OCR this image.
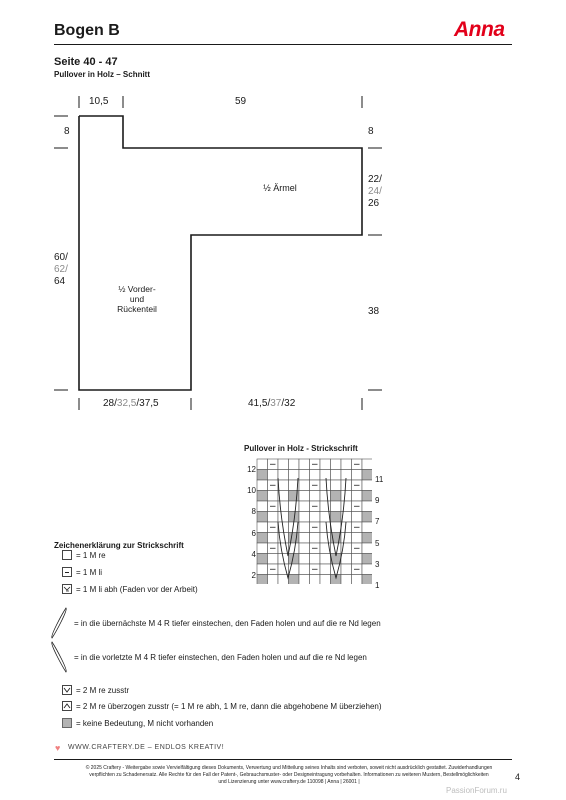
Bogen B	Anna
Seite 40 - 47
Pullover in Holz – Schnitt
10,5	59
8	8
22/
24/
26
60/
62/
64
38
28/32,5/37,5	41,5/37/32
½ Ärmel
½ Vorder-
und
Rückenteil
Pullover in Holz - Strickschrift
12
10
8
6
4
2
11
9
7
5
3
1
Zeichenerklärung zur Strickschrift
= 1 M re
= 1 M li
= 1 M li abh (Faden vor der Arbeit)
= in die übernächste M 4 R tiefer einstechen, den Faden holen und auf die re Nd legen
= in die vorletzte M 4 R tiefer einstechen, den Faden holen und auf die re Nd legen
= 2 M re zusstr
= 2 M re überzogen zusstr (= 1 M re abh, 1 M re, dann die abgehobene M überziehen)
= keine Bedeutung, M nicht vorhanden
♥ WWW.CRAFTERY.DE – ENDLOS KREATIV!
© 2025 Craftery - Weitergabe sowie Vervielfältigung dieses Dokuments, Verwertung und Mitteilung seines Inhalts sind verboten, soweit nicht ausdrücklich gestattet. Zuwiderhandlungen
verpflichten zu Schadenersatz. Alle Rechte für den Fall der Patent-, Gebrauchsmuster- oder Designeintragung vorbehalten. Informationen zu weiteren Mustern, Bestellmöglichkeiten
und Lizenzierung unter www.craftery.de 110098 | Anna | 26001 |	4
PassionForum.ru
